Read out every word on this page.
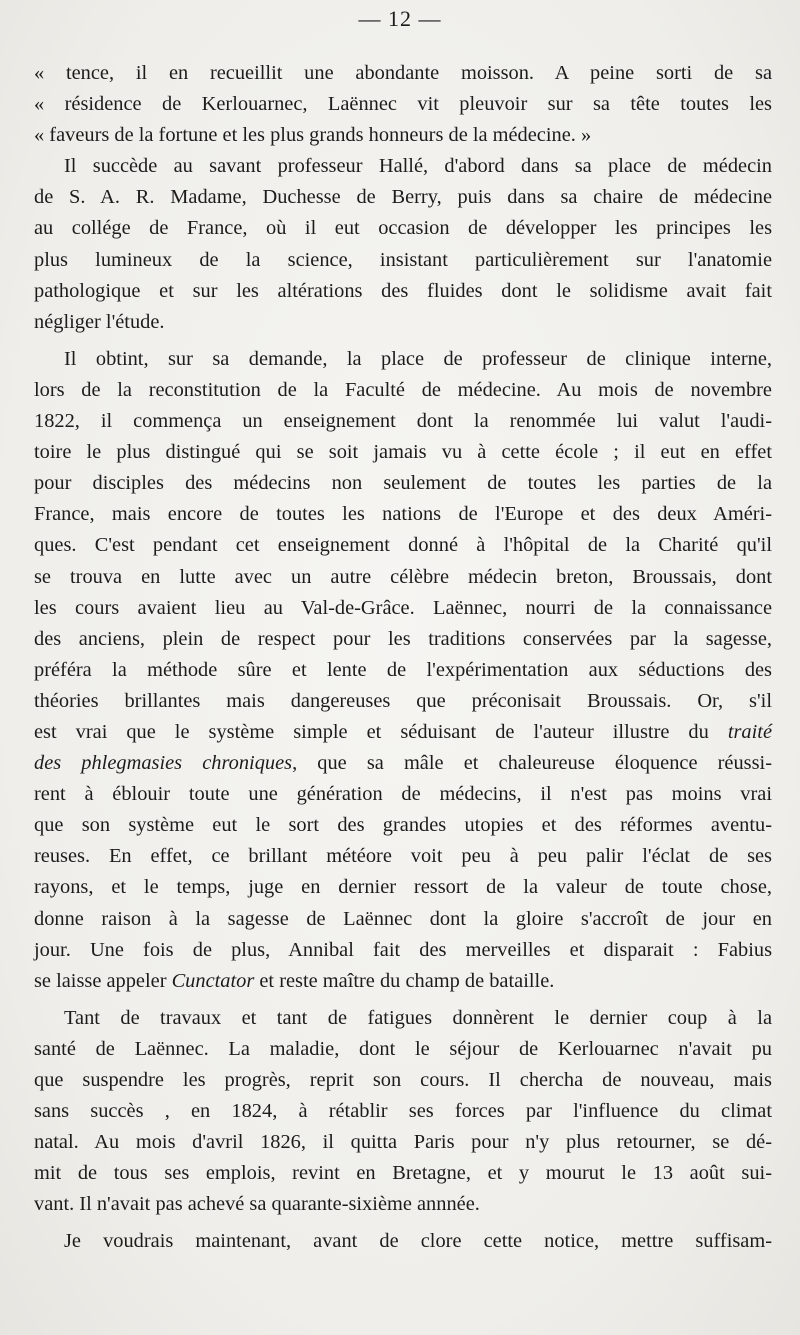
— 12 —
« tence, il en recueillit une abondante moisson. A peine sorti de sa
« résidence de Kerlouarnec, Laënnec vit pleuvoir sur sa tête toutes les
« faveurs de la fortune et les plus grands honneurs de la médecine. »
Il succède au savant professeur Hallé, d'abord dans sa place de médecin
de S. A. R. Madame, Duchesse de Berry, puis dans sa chaire de médecine
au collége de France, où il eut occasion de développer les principes les
plus lumineux de la science, insistant particulièrement sur l'anatomie
pathologique et sur les altérations des fluides dont le solidisme avait fait
négliger l'étude.
Il obtint, sur sa demande, la place de professeur de clinique interne,
lors de la reconstitution de la Faculté de médecine. Au mois de novembre
1822, il commença un enseignement dont la renommée lui valut l'audi-
toire le plus distingué qui se soit jamais vu à cette école ; il eut en effet
pour disciples des médecins non seulement de toutes les parties de la
France, mais encore de toutes les nations de l'Europe et des deux Améri-
ques. C'est pendant cet enseignement donné à l'hôpital de la Charité qu'il
se trouva en lutte avec un autre célèbre médecin breton, Broussais, dont
les cours avaient lieu au Val-de-Grâce. Laënnec, nourri de la connaissance
des anciens, plein de respect pour les traditions conservées par la sagesse,
préféra la méthode sûre et lente de l'expérimentation aux séductions des
théories brillantes mais dangereuses que préconisait Broussais. Or, s'il
est vrai que le système simple et séduisant de l'auteur illustre du traité
des phlegmasies chroniques, que sa mâle et chaleureuse éloquence réussi-
rent à éblouir toute une génération de médecins, il n'est pas moins vrai
que son système eut le sort des grandes utopies et des réformes aventu-
reuses. En effet, ce brillant météore voit peu à peu palir l'éclat de ses
rayons, et le temps, juge en dernier ressort de la valeur de toute chose,
donne raison à la sagesse de Laënnec dont la gloire s'accroît de jour en
jour. Une fois de plus, Annibal fait des merveilles et disparait : Fabius
se laisse appeler Cunctator et reste maître du champ de bataille.
Tant de travaux et tant de fatigues donnèrent le dernier coup à la
santé de Laënnec. La maladie, dont le séjour de Kerlouarnec n'avait pu
que suspendre les progrès, reprit son cours. Il chercha de nouveau, mais
sans succès , en 1824, à rétablir ses forces par l'influence du climat
natal. Au mois d'avril 1826, il quitta Paris pour n'y plus retourner, se dé-
mit de tous ses emplois, revint en Bretagne, et y mourut le 13 août sui-
vant. Il n'avait pas achevé sa quarante-sixième annnée.
Je voudrais maintenant, avant de clore cette notice, mettre suffisam-
